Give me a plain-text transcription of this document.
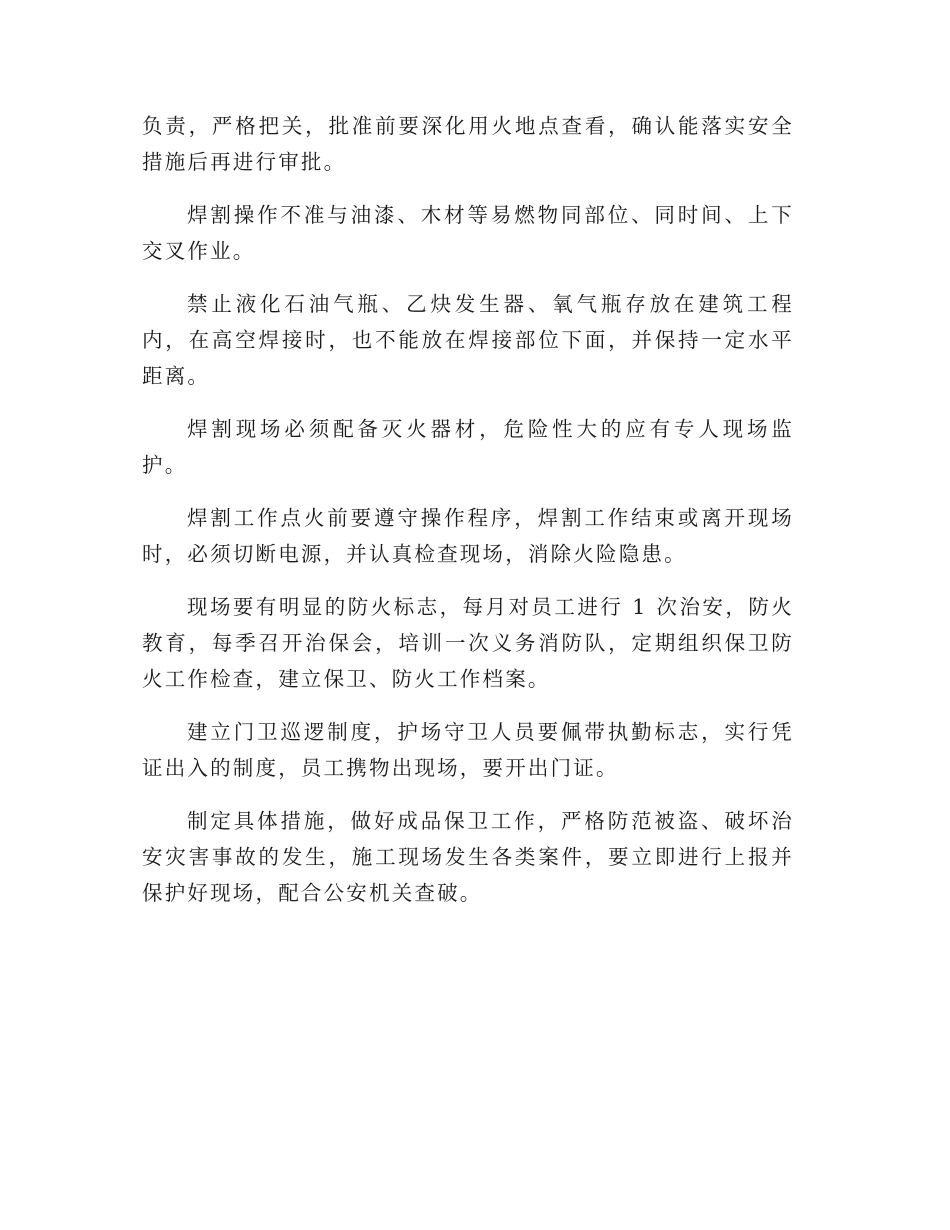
负责，严格把关，批准前要深化用火地点查看，确认能落实安全措施后再进行审批。

焊割操作不准与油漆、木材等易燃物同部位、同时间、上下交叉作业。

禁止液化石油气瓶、乙炔发生器、氧气瓶存放在建筑工程内，在高空焊接时，也不能放在焊接部位下面，并保持一定水平距离。

焊割现场必须配备灭火器材，危险性大的应有专人现场监护。

焊割工作点火前要遵守操作程序，焊割工作结束或离开现场时，必须切断电源，并认真检查现场，消除火险隐患。

现场要有明显的防火标志，每月对员工进行 1 次治安，防火教育，每季召开治保会，培训一次义务消防队，定期组织保卫防火工作检查，建立保卫、防火工作档案。

建立门卫巡逻制度，护场守卫人员要佩带执勤标志，实行凭证出入的制度，员工携物出现场，要开出门证。

制定具体措施，做好成品保卫工作，严格防范被盗、破坏治安灾害事故的发生，施工现场发生各类案件，要立即进行上报并保护好现场，配合公安机关查破。
